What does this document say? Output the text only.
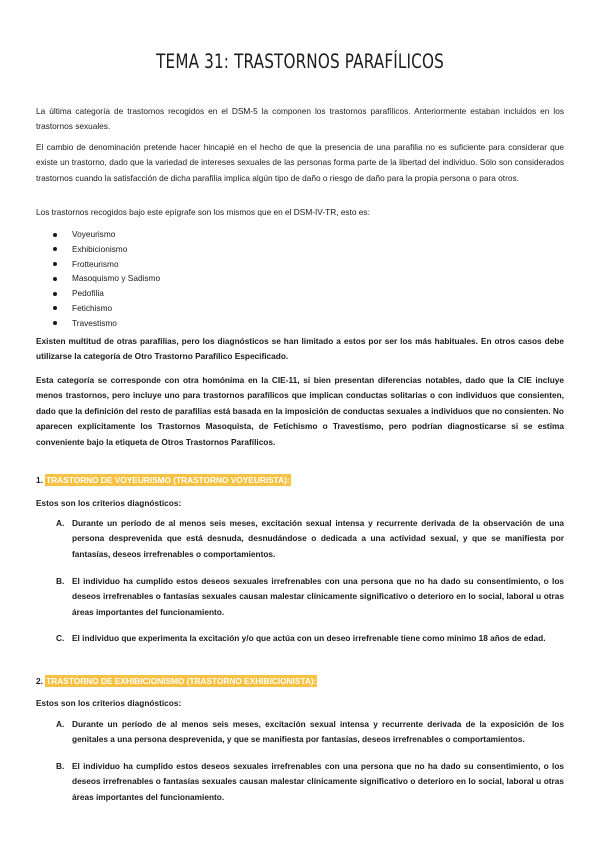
TEMA 31: TRASTORNOS PARAFÍLICOS

La última categoría de trastornos recogidos en el DSM-5 la componen los trastornos parafílicos. Anteriormente estaban incluidos en los trastornos sexuales.

El cambio de denominación pretende hacer hincapié en el hecho de que la presencia de una parafilia no es suficiente para considerar que existe un trastorno, dado que la variedad de intereses sexuales de las personas forma parte de la libertad del individuo. Sólo son considerados trastornos cuando la satisfacción de dicha parafilia implica algún tipo de daño o riesgo de daño para la propia persona o para otros.

Los trastornos recogidos bajo este epígrafe son los mismos que en el DSM-IV-TR, esto es:

Voyeurismo
Exhibicionismo
Frotteurismo
Masoquismo y Sadismo
Pedofilia
Fetichismo
Travestismo

Existen multitud de otras parafilias, pero los diagnósticos se han limitado a estos por ser los más habituales. En otros casos debe utilizarse la categoría de Otro Trastorno Parafílico Especificado.

Esta categoría se corresponde con otra homónima en la CIE-11, si bien presentan diferencias notables, dado que la CIE incluye menos trastornos, pero incluye uno para trastornos parafílicos que implican conductas solitarias o con individuos que consienten, dado que la definición del resto de parafilias está basada en la imposición de conductas sexuales a individuos que no consienten. No aparecen explícitamente los Trastornos Masoquista, de Fetichismo o Travestismo, pero podrían diagnosticarse si se estima conveniente bajo la etiqueta de Otros Trastornos Parafílicos.

1. TRASTORNO DE VOYEURISMO (TRASTORNO VOYEURISTA):

Estos son los criterios diagnósticos:

A. Durante un período de al menos seis meses, excitación sexual intensa y recurrente derivada de la observación de una persona desprevenida que está desnuda, desnudándose o dedicada a una actividad sexual, y que se manifiesta por fantasías, deseos irrefrenables o comportamientos.
B. El individuo ha cumplido estos deseos sexuales irrefrenables con una persona que no ha dado su consentimiento, o los deseos irrefrenables o fantasías sexuales causan malestar clínicamente significativo o deterioro en lo social, laboral u otras áreas importantes del funcionamiento.
C. El individuo que experimenta la excitación y/o que actúa con un deseo irrefrenable tiene como mínimo 18 años de edad.
2. TRASTORNO DE EXHIBICIONISMO (TRASTORNO EXHIBICIONISTA):

Estos son los criterios diagnósticos:

A. Durante un período de al menos seis meses, excitación sexual intensa y recurrente derivada de la exposición de los genitales a una persona desprevenida, y que se manifiesta por fantasías, deseos irrefrenables o comportamientos.
B. El individuo ha cumplido estos deseos sexuales irrefrenables con una persona que no ha dado su consentimiento, o los deseos irrefrenables o fantasías sexuales causan malestar clínicamente significativo o deterioro en lo social, laboral u otras áreas importantes del funcionamiento.
